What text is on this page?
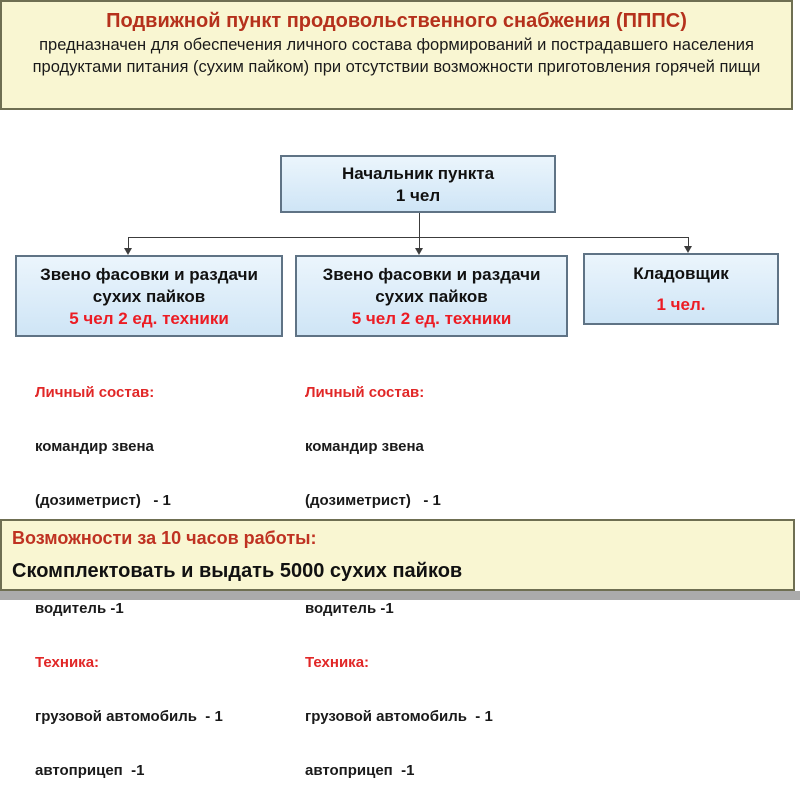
Подвижной пункт продовольственного снабжения (ПППС)
предназначен для обеспечения личного состава формирований и пострадавшего населения продуктами питания (сухим пайком) при отсутствии возможности приготовления горячей пищи
Начальник пункта
1 чел
Звено фасовки и раздачи сухих пайков
5 чел 2 ед. техники
Звено фасовки и раздачи сухих пайков
5 чел 2 ед. техники
Кладовщик
1 чел.

Личный состав:

командир звена

(дозиметрист)   - 1

водитель -1

Техника:

грузовой автомобиль  - 1

автоприцеп  -1

Личный состав:

командир звена

(дозиметрист)   - 1

водитель -1

Техника:

грузовой автомобиль  - 1

автоприцеп  -1

Возможности за 10 часов работы:
Скомплектовать и выдать 5000 сухих пайков
